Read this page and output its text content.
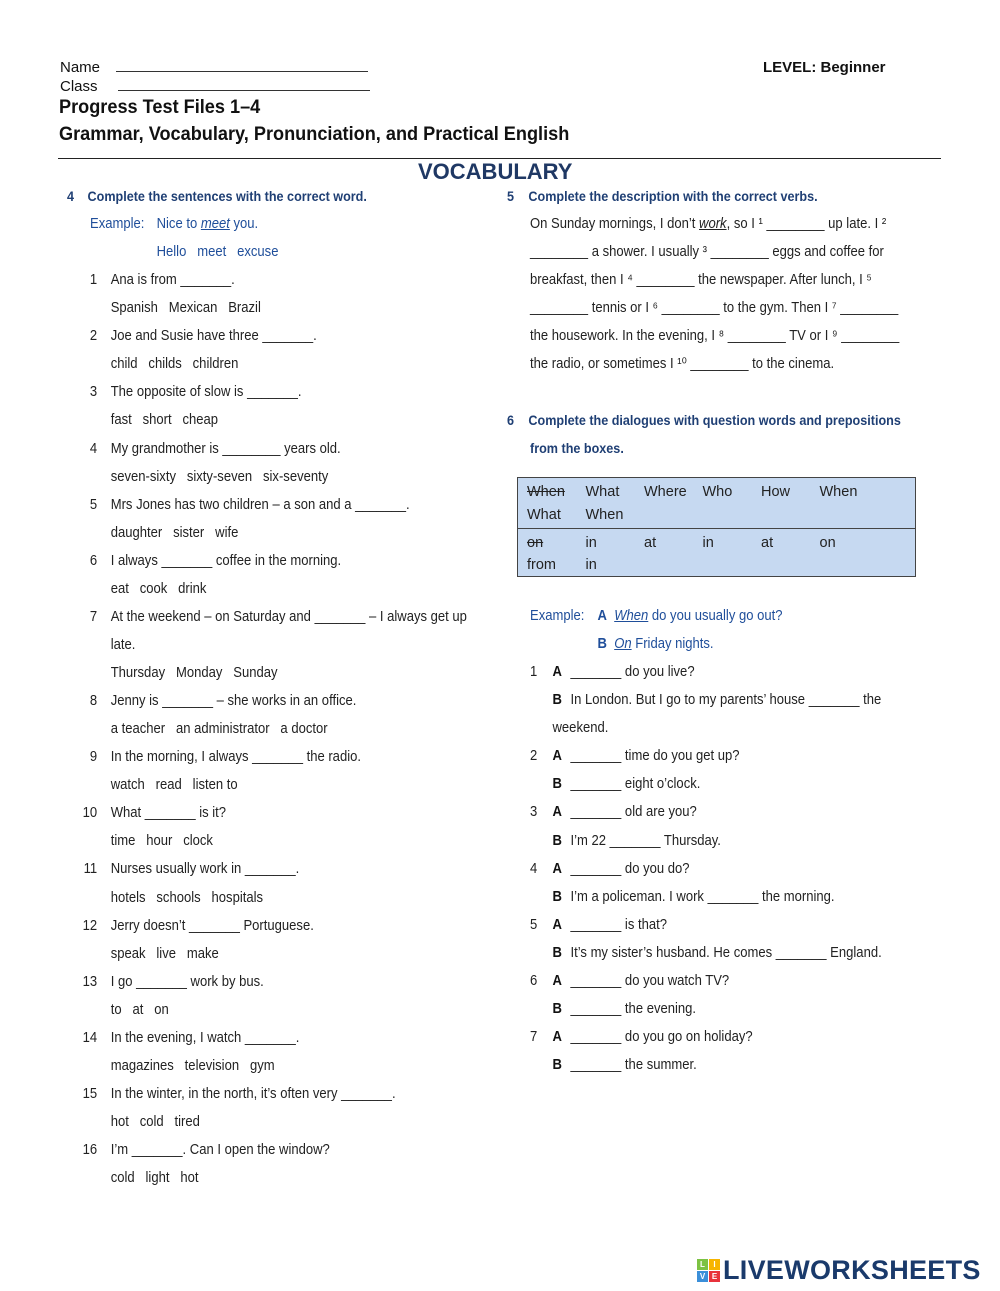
Name
Class
LEVEL: Beginner
Progress Test Files 1–4
Grammar, Vocabulary, Pronunciation, and Practical English
VOCABULARY
4 Complete the sentences with the correct word.
Example: Nice to meet you.
Hello   meet   excuse
1 Ana is from _______.
Spanish   Mexican   Brazil
2 Joe and Susie have three _______.
child   childs   children
3 The opposite of slow is _______.
fast   short   cheap
4 My grandmother is ________ years old.
seven-sixty   sixty-seven   six-seventy
5 Mrs Jones has two children – a son and a _______.
daughter   sister   wife
6 I always _______ coffee in the morning.
eat   cook   drink
7 At the weekend – on Saturday and _______ – I always get up
late.
Thursday   Monday   Sunday
8 Jenny is _______ – she works in an office.
a teacher   an administrator   a doctor
9 In the morning, I always _______ the radio.
watch   read   listen to
10 What _______ is it?
time   hour   clock
11 Nurses usually work in _______.
hotels   schools   hospitals
12 Jerry doesn’t _______ Portuguese.
speak   live   make
13 I go _______ work by bus.
to   at   on
14 In the evening, I watch _______.
magazines   television   gym
15 In the winter, in the north, it’s often very _______.
hot   cold   tired
16 I’m _______. Can I open the window?
cold   light   hot
5 Complete the description with the correct verbs.
On Sunday mornings, I don’t work, so I ¹ ________ up late. I ²
________ a shower. I usually ³ ________ eggs and coffee for
breakfast, then I ⁴ ________ the newspaper. After lunch, I ⁵
________ tennis or I ⁶ ________ to the gym. Then I ⁷ ________
the housework. In the evening, I ⁸ ________ TV or I ⁹ ________
the radio, or sometimes I ¹⁰ ________ to the cinema.
6 Complete the dialogues with question words and prepositions
from the boxes.
When	What	Where	Who	How	When
What	When
on	in	at	in	at	on
from	in
Example: A When do you usually go out?
B On Friday nights.
1 A _______ do you live?
B In London. But I go to my parents’ house _______ the
weekend.
2 A _______ time do you get up?
B _______ eight o’clock.
3 A _______ old are you?
B I’m 22 _______ Thursday.
4 A _______ do you do?
B I’m a policeman. I work _______ the morning.
5 A _______ is that?
B It’s my sister’s husband. He comes _______ England.
6 A _______ do you watch TV?
B _______ the evening.
7 A _______ do you go on holiday?
B _______ the summer.
L	I
V E LIVEWORKSHEETS
